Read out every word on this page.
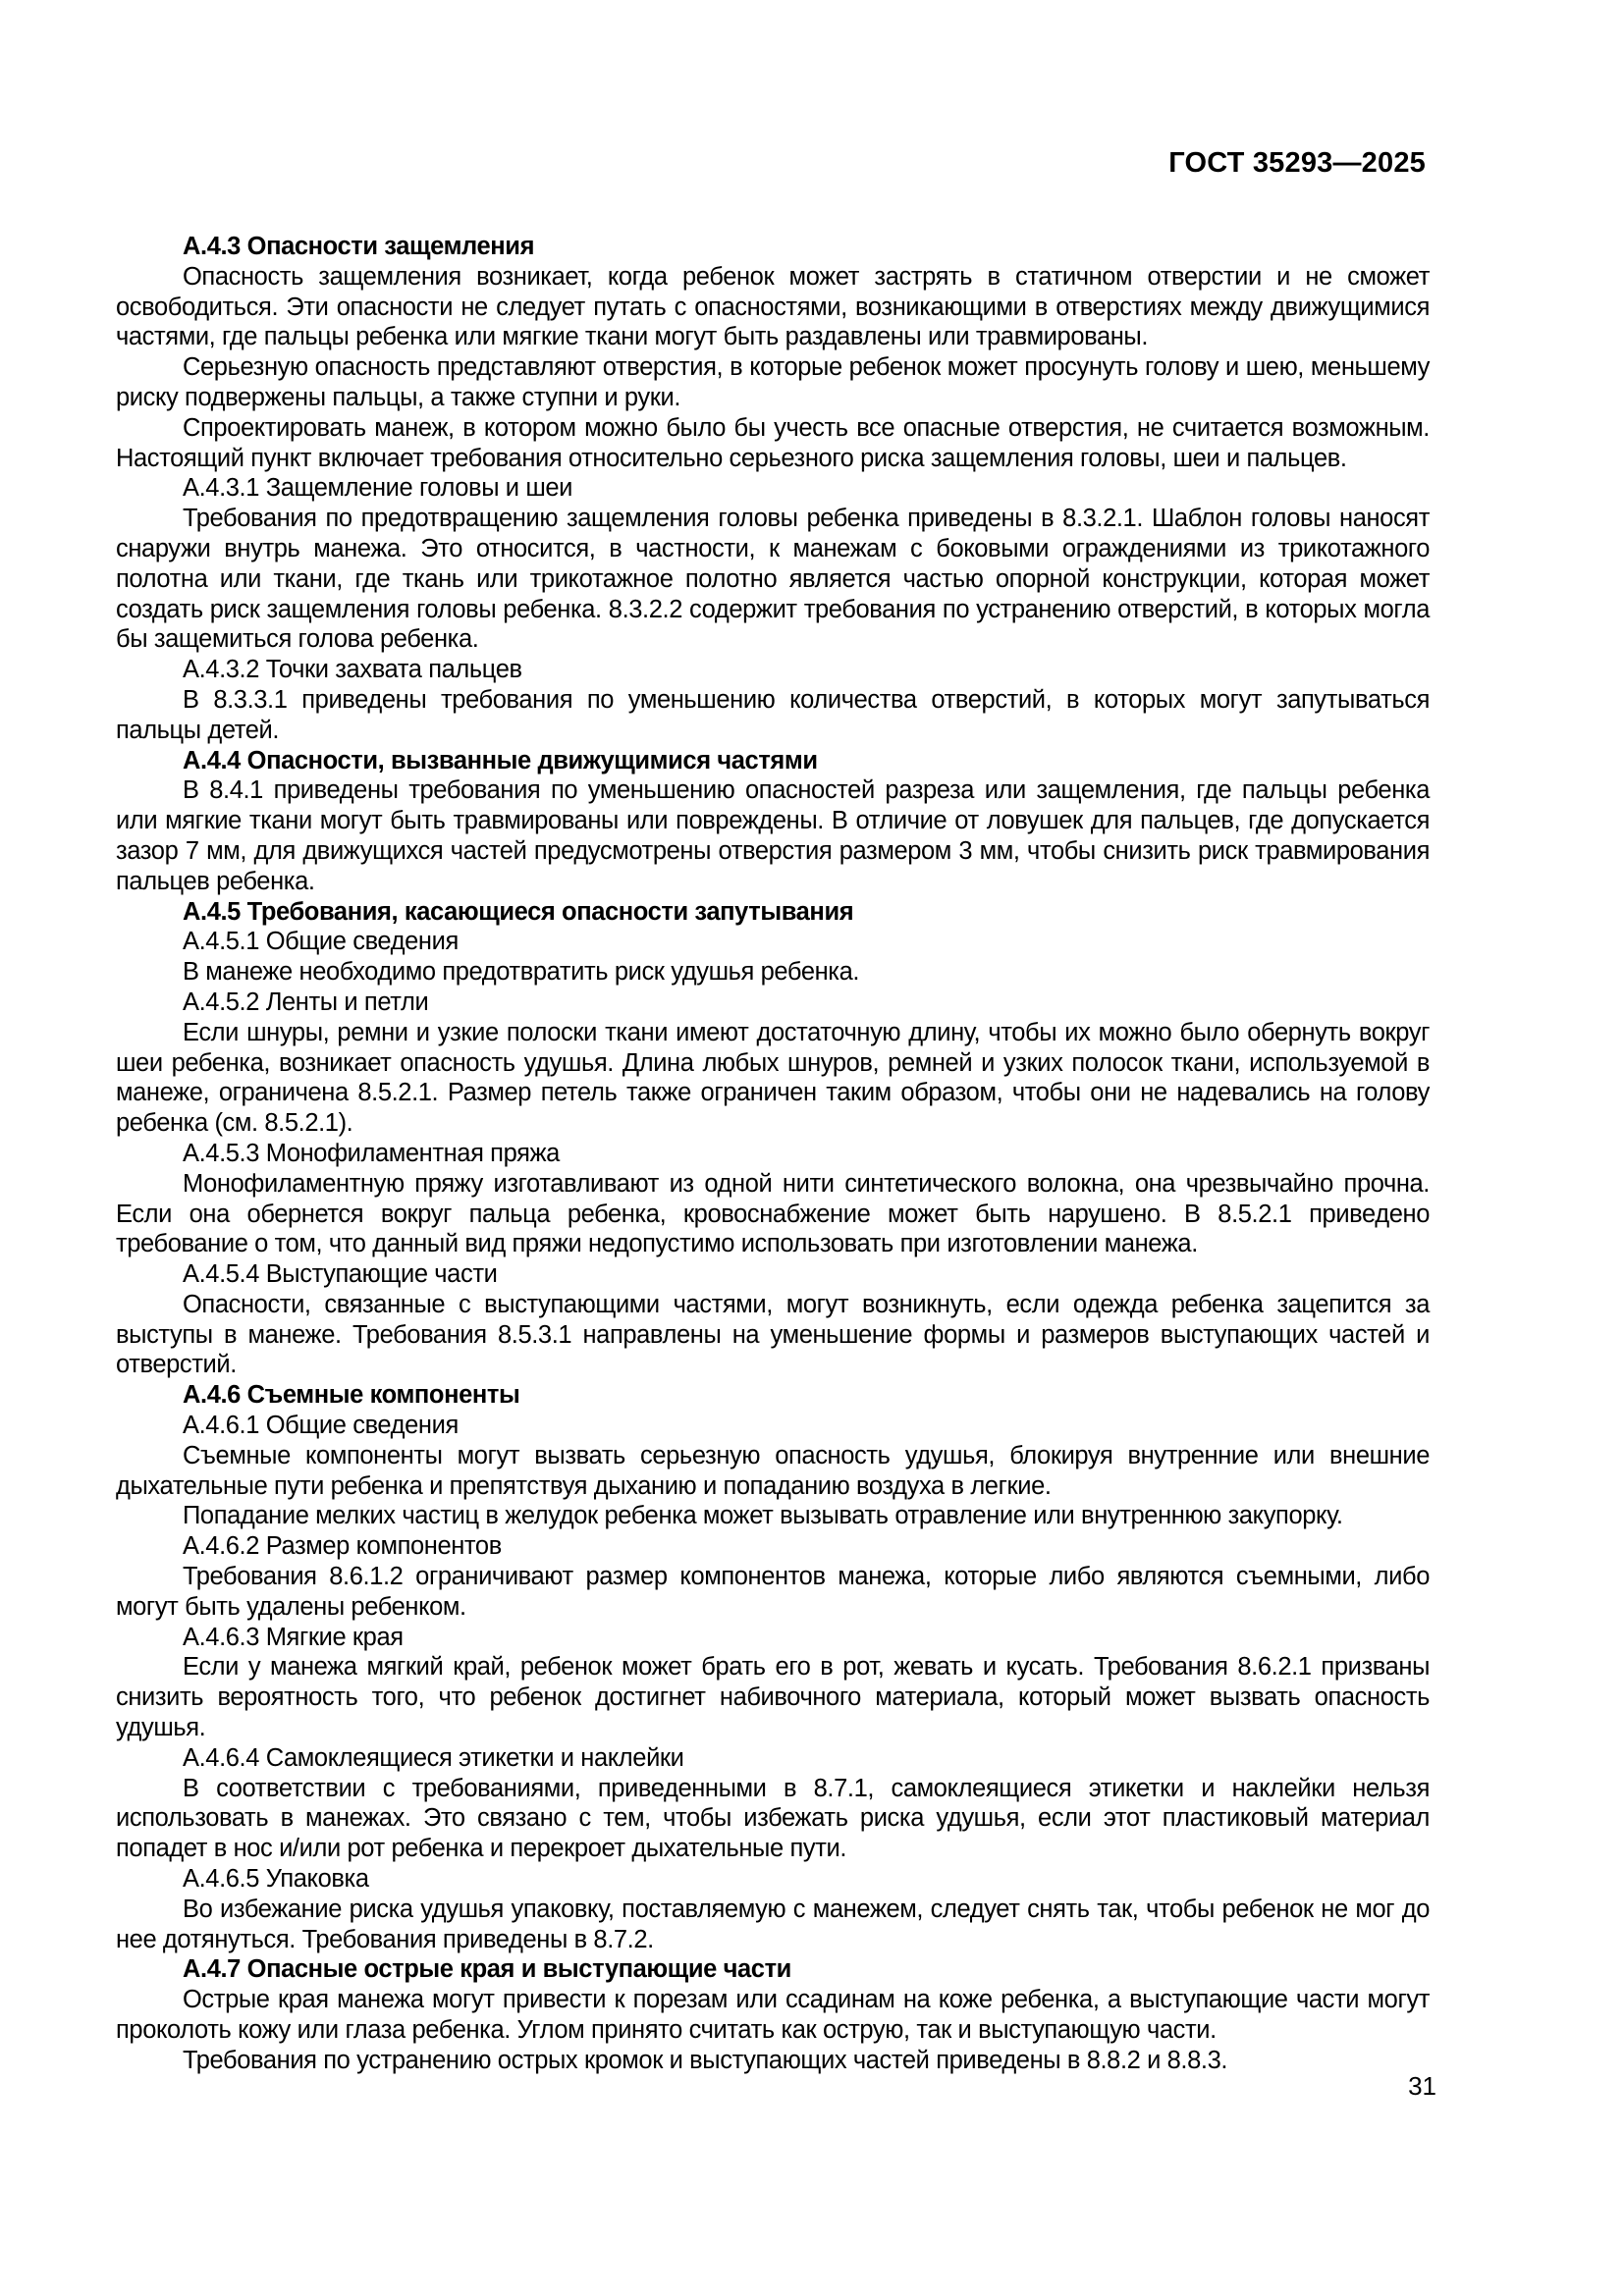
ГОСТ 35293—2025

А.4.3 Опасности защемления

Опасность защемления возникает, когда ребенок может застрять в статичном отверстии и не сможет освободиться. Эти опасности не следует путать с опасностями, возникающими в отверстиях между движущимися частями, где пальцы ребенка или мягкие ткани могут быть раздавлены или травмированы.

Серьезную опасность представляют отверстия, в которые ребенок может просунуть голову и шею, меньшему риску подвержены пальцы, а также ступни и руки.

Спроектировать манеж, в котором можно было бы учесть все опасные отверстия, не считается возможным. Настоящий пункт включает требования относительно серьезного риска защемления головы, шеи и пальцев.

А.4.3.1 Защемление головы и шеи

Требования по предотвращению защемления головы ребенка приведены в 8.3.2.1. Шаблон головы наносят снаружи внутрь манежа. Это относится, в частности, к манежам с боковыми ограждениями из трикотажного полотна или ткани, где ткань или трикотажное полотно является частью опорной конструкции, которая может создать риск защемления головы ребенка. 8.3.2.2 содержит требования по устранению отверстий, в которых могла бы защемиться голова ребенка.

А.4.3.2 Точки захвата пальцев

В 8.3.3.1 приведены требования по уменьшению количества отверстий, в которых могут запутываться пальцы детей.

А.4.4 Опасности, вызванные движущимися частями

В 8.4.1 приведены требования по уменьшению опасностей разреза или защемления, где пальцы ребенка или мягкие ткани могут быть травмированы или повреждены. В отличие от ловушек для пальцев, где допускается зазор 7 мм, для движущихся частей предусмотрены отверстия размером 3 мм, чтобы снизить риск травмирования пальцев ребенка.

А.4.5 Требования, касающиеся опасности запутывания

А.4.5.1 Общие сведения

В манеже необходимо предотвратить риск удушья ребенка.

А.4.5.2 Ленты и петли

Если шнуры, ремни и узкие полоски ткани имеют достаточную длину, чтобы их можно было обернуть вокруг шеи ребенка, возникает опасность удушья. Длина любых шнуров, ремней и узких полосок ткани, используемой в манеже, ограничена 8.5.2.1. Размер петель также ограничен таким образом, чтобы они не надевались на голову ребенка (см. 8.5.2.1).

А.4.5.3 Монофиламентная пряжа

Монофиламентную пряжу изготавливают из одной нити синтетического волокна, она чрезвычайно прочна. Если она обернется вокруг пальца ребенка, кровоснабжение может быть нарушено. В 8.5.2.1 приведено требование о том, что данный вид пряжи недопустимо использовать при изготовлении манежа.

А.4.5.4 Выступающие части

Опасности, связанные с выступающими частями, могут возникнуть, если одежда ребенка зацепится за выступы в манеже. Требования 8.5.3.1 направлены на уменьшение формы и размеров выступающих частей и отверстий.

А.4.6 Съемные компоненты

А.4.6.1 Общие сведения

Съемные компоненты могут вызвать серьезную опасность удушья, блокируя внутренние или внешние дыхательные пути ребенка и препятствуя дыханию и попаданию воздуха в легкие.

Попадание мелких частиц в желудок ребенка может вызывать отравление или внутреннюю закупорку.

А.4.6.2 Размер компонентов

Требования 8.6.1.2 ограничивают размер компонентов манежа, которые либо являются съемными, либо могут быть удалены ребенком.

А.4.6.3 Мягкие края

Если у манежа мягкий край, ребенок может брать его в рот, жевать и кусать. Требования 8.6.2.1 призваны снизить вероятность того, что ребенок достигнет набивочного материала, который может вызвать опасность удушья.

А.4.6.4 Самоклеящиеся этикетки и наклейки

В соответствии с требованиями, приведенными в 8.7.1, самоклеящиеся этикетки и наклейки нельзя использовать в манежах. Это связано с тем, чтобы избежать риска удушья, если этот пластиковый материал попадет в нос и/или рот ребенка и перекроет дыхательные пути.

А.4.6.5 Упаковка

Во избежание риска удушья упаковку, поставляемую с манежем, следует снять так, чтобы ребенок не мог до нее дотянуться. Требования приведены в 8.7.2.

А.4.7 Опасные острые края и выступающие части

Острые края манежа могут привести к порезам или ссадинам на коже ребенка, а выступающие части могут проколоть кожу или глаза ребенка. Углом принято считать как острую, так и выступающую части.

Требования по устранению острых кромок и выступающих частей приведены в 8.8.2 и 8.8.3.

31
